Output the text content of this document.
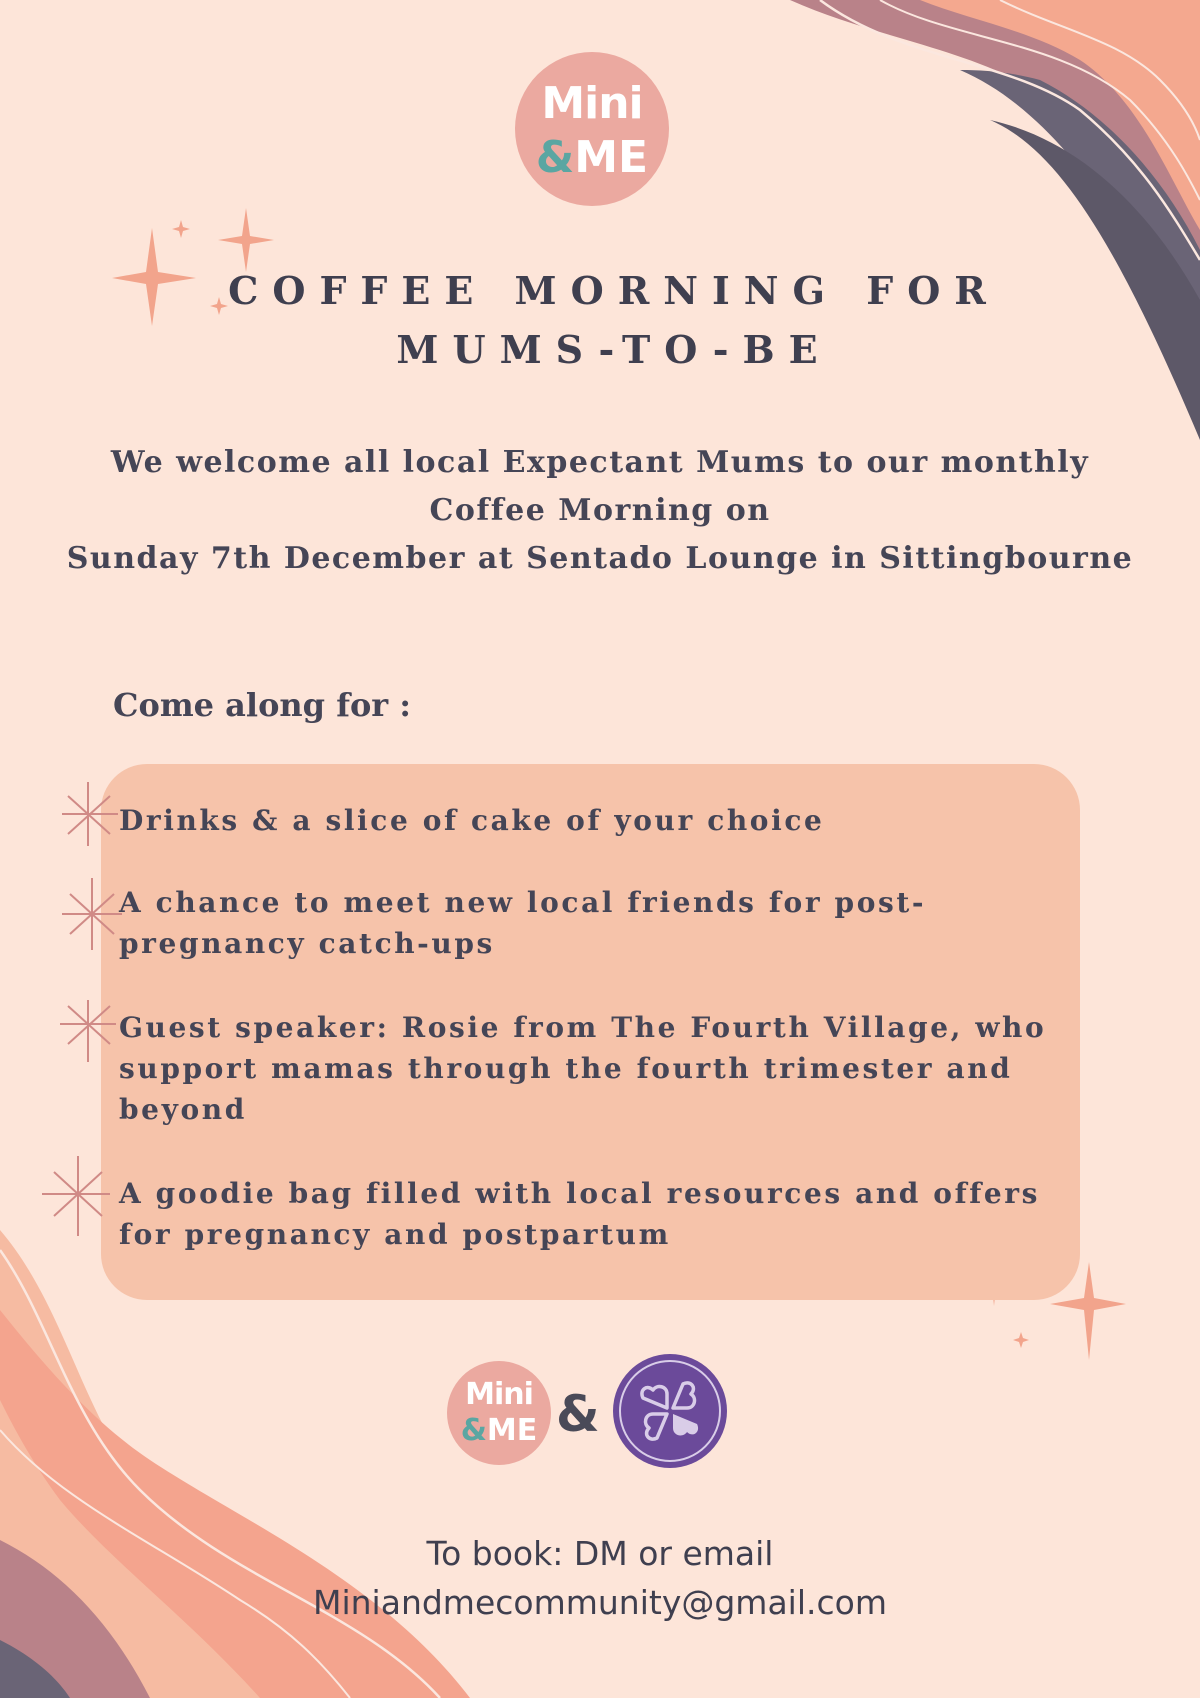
Mini
&ME
COFFEE MORNING FOR
MUMS-TO-BE
We welcome all local Expectant Mums to our monthly
Coffee Morning on
Sunday 7th December at Sentado Lounge in Sittingbourne
Come along for :
Drinks & a slice of cake of your choice
A chance to meet new local friends for post-
pregnancy catch-ups
Guest speaker: Rosie from The Fourth Village, who
support mamas through the fourth trimester and
beyond
A goodie bag filled with local resources and offers
for pregnancy and postpartum
Mini
&ME &
To book: DM or email
Miniandmecommunity@gmail.com
